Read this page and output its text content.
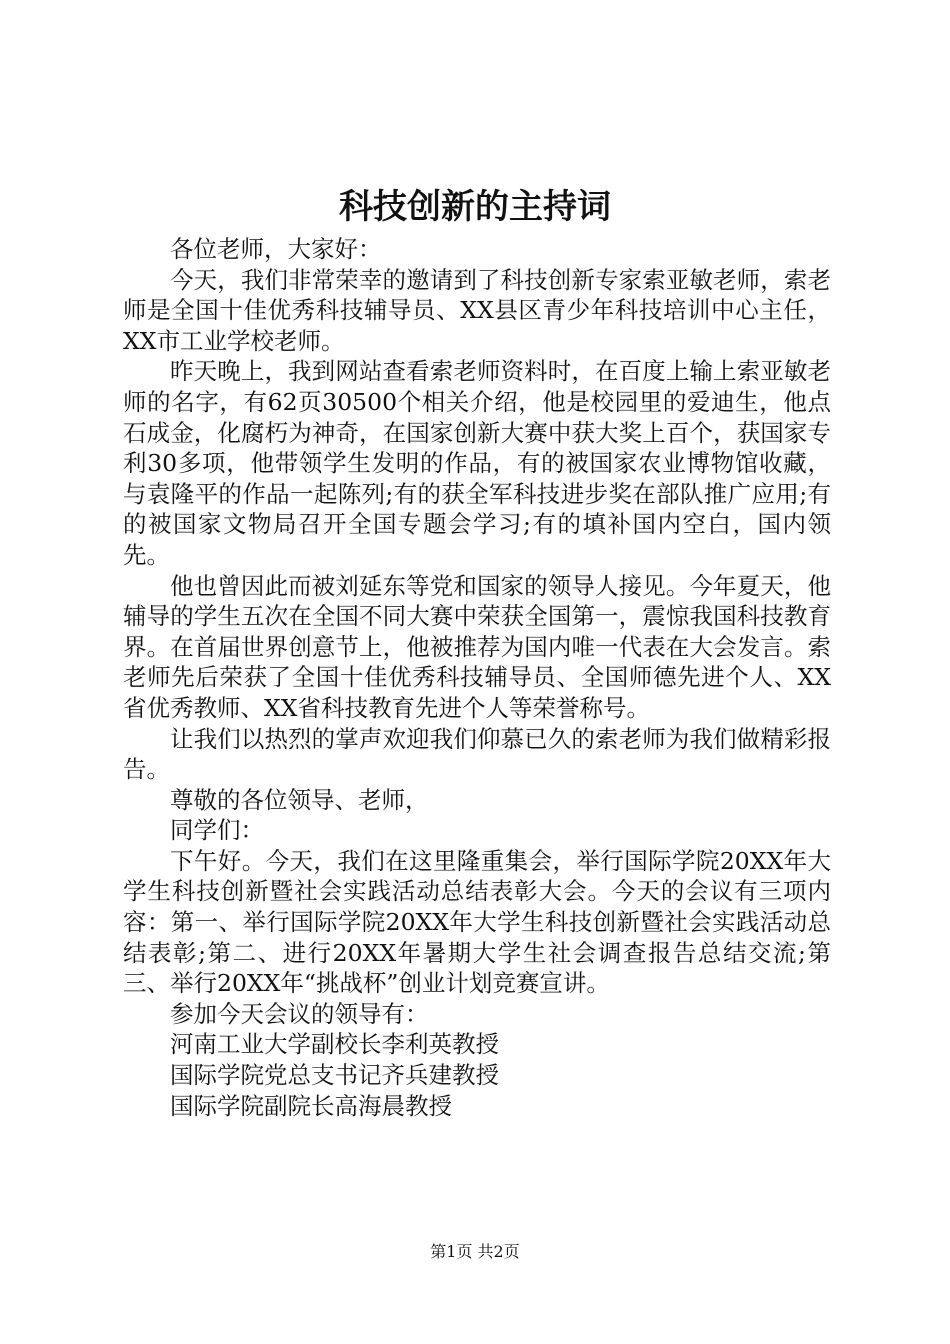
科技创新的主持词

各位老师，大家好：

今天，我们非常荣幸的邀请到了科技创新专家索亚敏老师，索老师是全国十佳优秀科技辅导员、XX县区青少年科技培训中心主任，XX市工业学校老师。

昨天晚上，我到网站查看索老师资料时，在百度上输上索亚敏老师的名字，有62页30500个相关介绍，他是校园里的爱迪生，他点石成金，化腐朽为神奇，在国家创新大赛中获大奖上百个，获国家专利30多项，他带领学生发明的作品，有的被国家农业博物馆收藏，与袁隆平的作品一起陈列;有的获全军科技进步奖在部队推广应用;有的被国家文物局召开全国专题会学习;有的填补国内空白，国内领先。

他也曾因此而被刘延东等党和国家的领导人接见。今年夏天，他辅导的学生五次在全国不同大赛中荣获全国第一，震惊我国科技教育界。在首届世界创意节上，他被推荐为国内唯一代表在大会发言。索老师先后荣获了全国十佳优秀科技辅导员、全国师德先进个人、XX省优秀教师、XX省科技教育先进个人等荣誉称号。

让我们以热烈的掌声欢迎我们仰慕已久的索老师为我们做精彩报告。

尊敬的各位领导、老师，

同学们：

下午好。今天，我们在这里隆重集会，举行国际学院20XX年大学生科技创新暨社会实践活动总结表彰大会。今天的会议有三项内容：第一、举行国际学院20XX年大学生科技创新暨社会实践活动总结表彰;第二、进行20XX年暑期大学生社会调查报告总结交流;第三、举行20XX年“挑战杯”创业计划竞赛宣讲。

参加今天会议的领导有：

河南工业大学副校长李利英教授

国际学院党总支书记齐兵建教授

国际学院副院长高海晨教授

第1页 共2页
